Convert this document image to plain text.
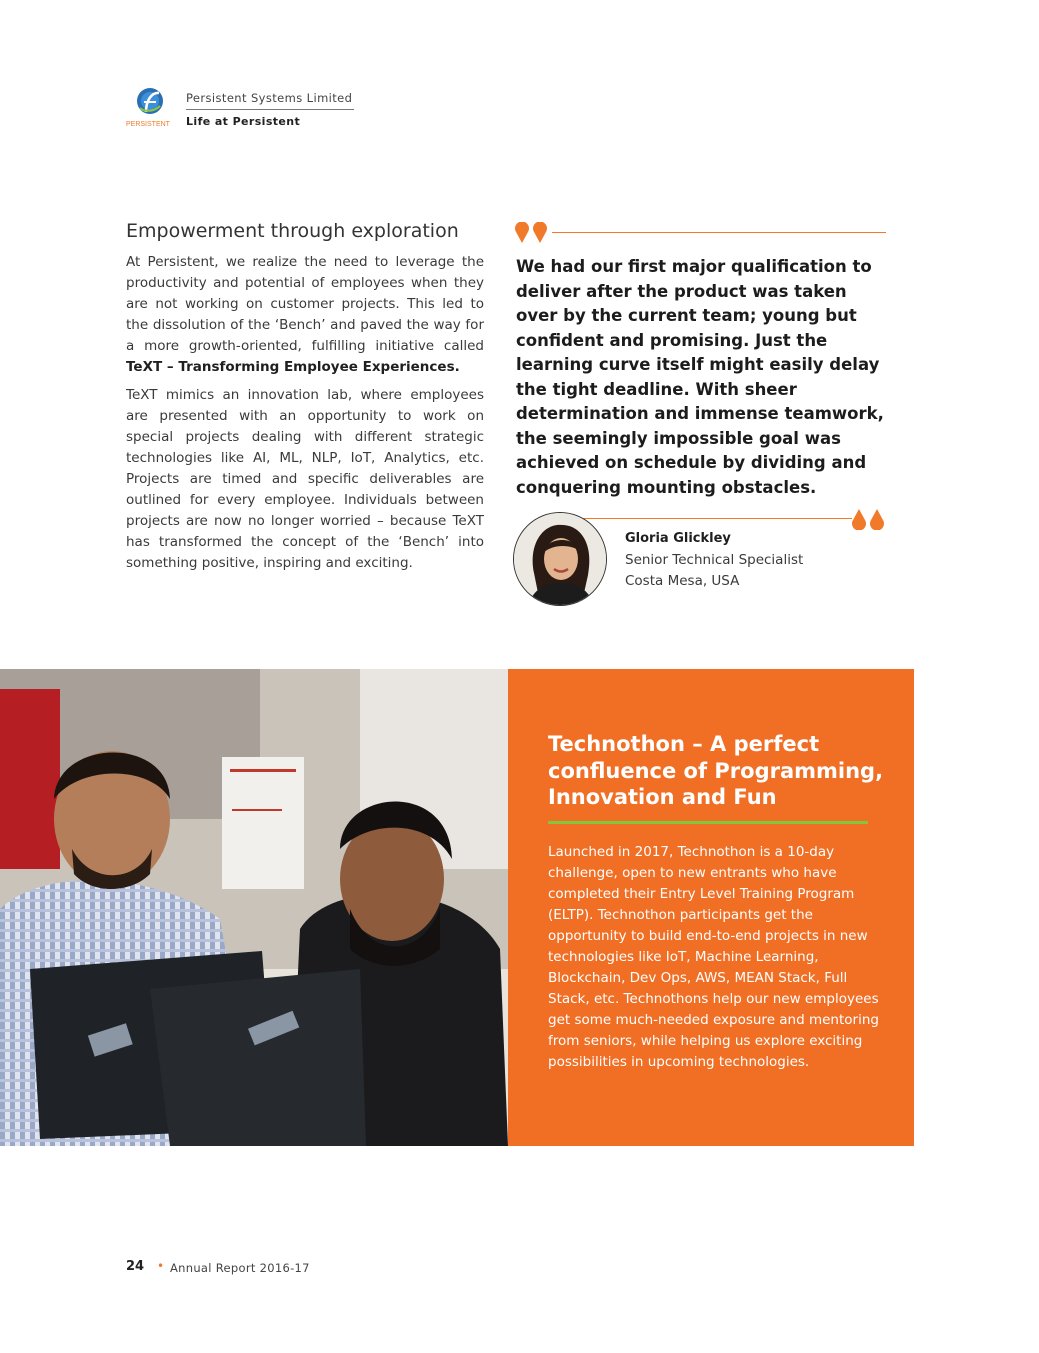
PERSISTENT
Persistent Systems Limited
Life at Persistent
Empowerment through exploration

At Persistent, we realize the need to leverage the productivity and potential of employees when they are not working on customer projects. This led to the dissolution of the ‘Bench’ and paved the way for a more growth-oriented, fulfilling initiative called TeXT – Transforming Employee Experiences.

TeXT mimics an innovation lab, where employees are presented with an opportunity to work on special projects dealing with different strategic technologies like AI, ML, NLP, IoT, Analytics, etc. Projects are timed and specific deliverables are outlined for every employee. Individuals between projects are now no longer worried – because TeXT has transformed the concept of the ‘Bench’ into something positive, inspiring and exciting.

We had our first major qualification to deliver after the product was taken over by the current team; young but confident and promising. Just the learning curve itself might easily delay the tight deadline. With sheer determination and immense teamwork, the seemingly impossible goal was achieved on schedule by dividing and conquering mounting obstacles.

Gloria Glickley
Senior Technical Specialist
Costa Mesa, USA

Technothon – A perfect confluence of Programming, Innovation and Fun

Launched in 2017, Technothon is a 10-day challenge, open to new entrants who have completed their Entry Level Training Program (ELTP). Technothon participants get the opportunity to build end-to-end projects in new technologies like IoT, Machine Learning, Blockchain, Dev Ops, AWS, MEAN Stack, Full Stack, etc. Technothons help our new employees get some much-needed exposure and mentoring from seniors, while helping us explore exciting possibilities in upcoming technologies.

24 • Annual Report 2016-17
